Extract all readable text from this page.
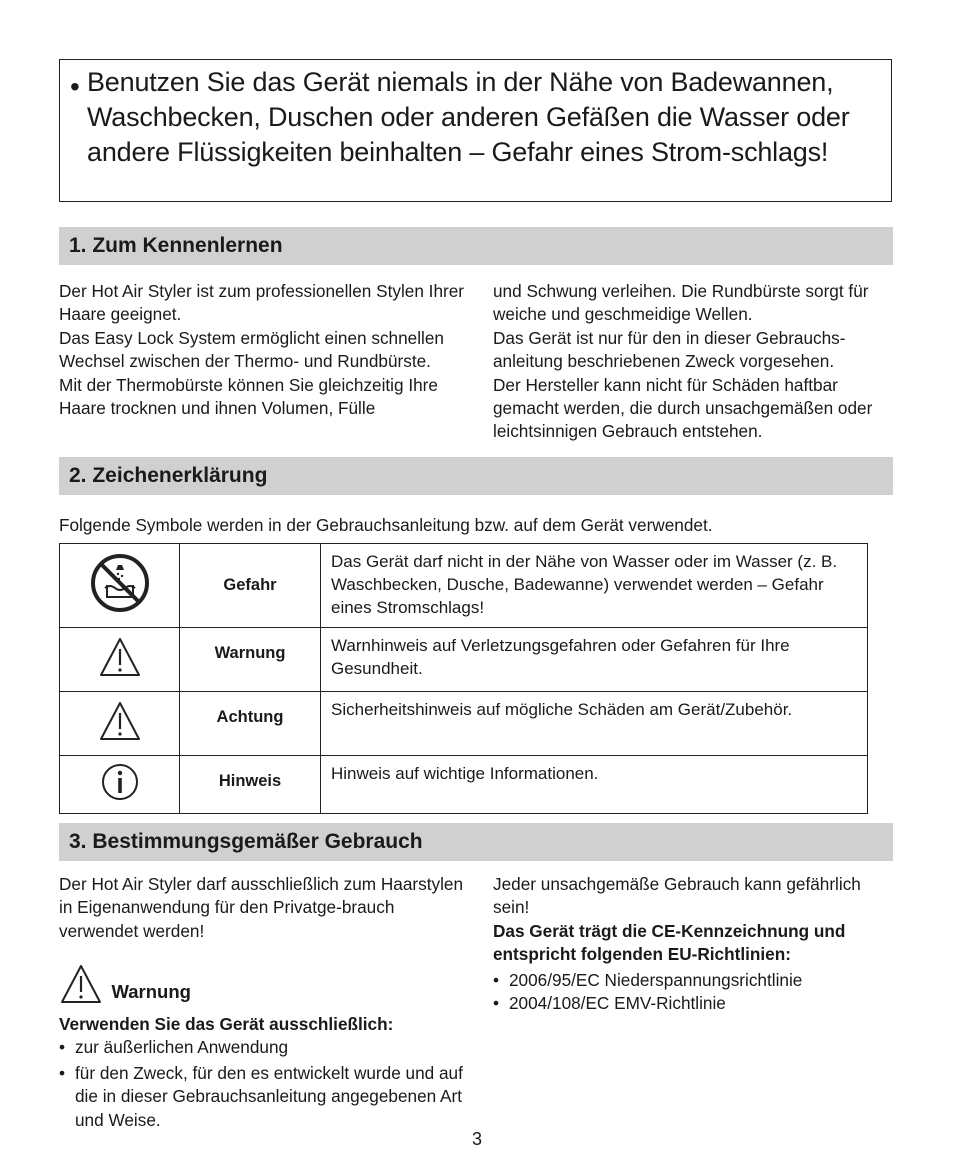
• Benutzen Sie das Gerät niemals in der Nähe von Badewannen, Waschbecken, Duschen oder anderen Gefäßen die Wasser oder andere Flüssigkeiten beinhalten – Gefahr eines Strom-schlags!
1. Zum Kennenlernen

Der Hot Air Styler ist zum professionellen Stylen Ihrer Haare geeignet.

Das Easy Lock System ermöglicht einen schnellen Wechsel zwischen der Thermo- und Rundbürste.

Mit der Thermobürste können Sie gleichzeitig Ihre Haare trocknen und ihnen Volumen, Fülle

und Schwung verleihen. Die Rundbürste sorgt für weiche und geschmeidige Wellen.

Das Gerät ist nur für den in dieser Gebrauchs-anleitung beschriebenen Zweck vorgesehen.

Der Hersteller kann nicht für Schäden haftbar gemacht werden, die durch unsachgemäßen oder leichtsinnigen Gebrauch entstehen.

2. Zeichenerklärung
Folgende Symbole werden in der Gebrauchsanleitung bzw. auf dem Gerät verwendet.
	Gefahr	Das Gerät darf nicht in der Nähe von Wasser oder im Wasser (z. B. Waschbecken, Dusche, Badewanne) verwendet werden – Gefahr eines Stromschlags!
	Warnung	Warnhinweis auf Verletzungsgefahren oder Gefahren für Ihre Gesundheit.
	Achtung	Sicherheitshinweis auf mögliche Schäden am Gerät/Zubehör.
	Hinweis	Hinweis auf wichtige Informationen.
3. Bestimmungsgemäßer Gebrauch
Der Hot Air Styler darf ausschließlich zum Haarstylen in Eigenanwendung für den Privatge-brauch verwendet werden!
Warnung

Verwenden Sie das Gerät ausschließlich:

• zur äußerlichen Anwendung
• für den Zweck, für den es entwickelt wurde und auf die in dieser Gebrauchsanleitung angegebenen Art und Weise.

Jeder unsachgemäße Gebrauch kann gefährlich sein!

Das Gerät trägt die CE-Kennzeichnung und entspricht folgenden EU-Richtlinien:

• 2006/95/EC Niederspannungsrichtlinie
• 2004/108/EC EMV-Richtlinie
3
